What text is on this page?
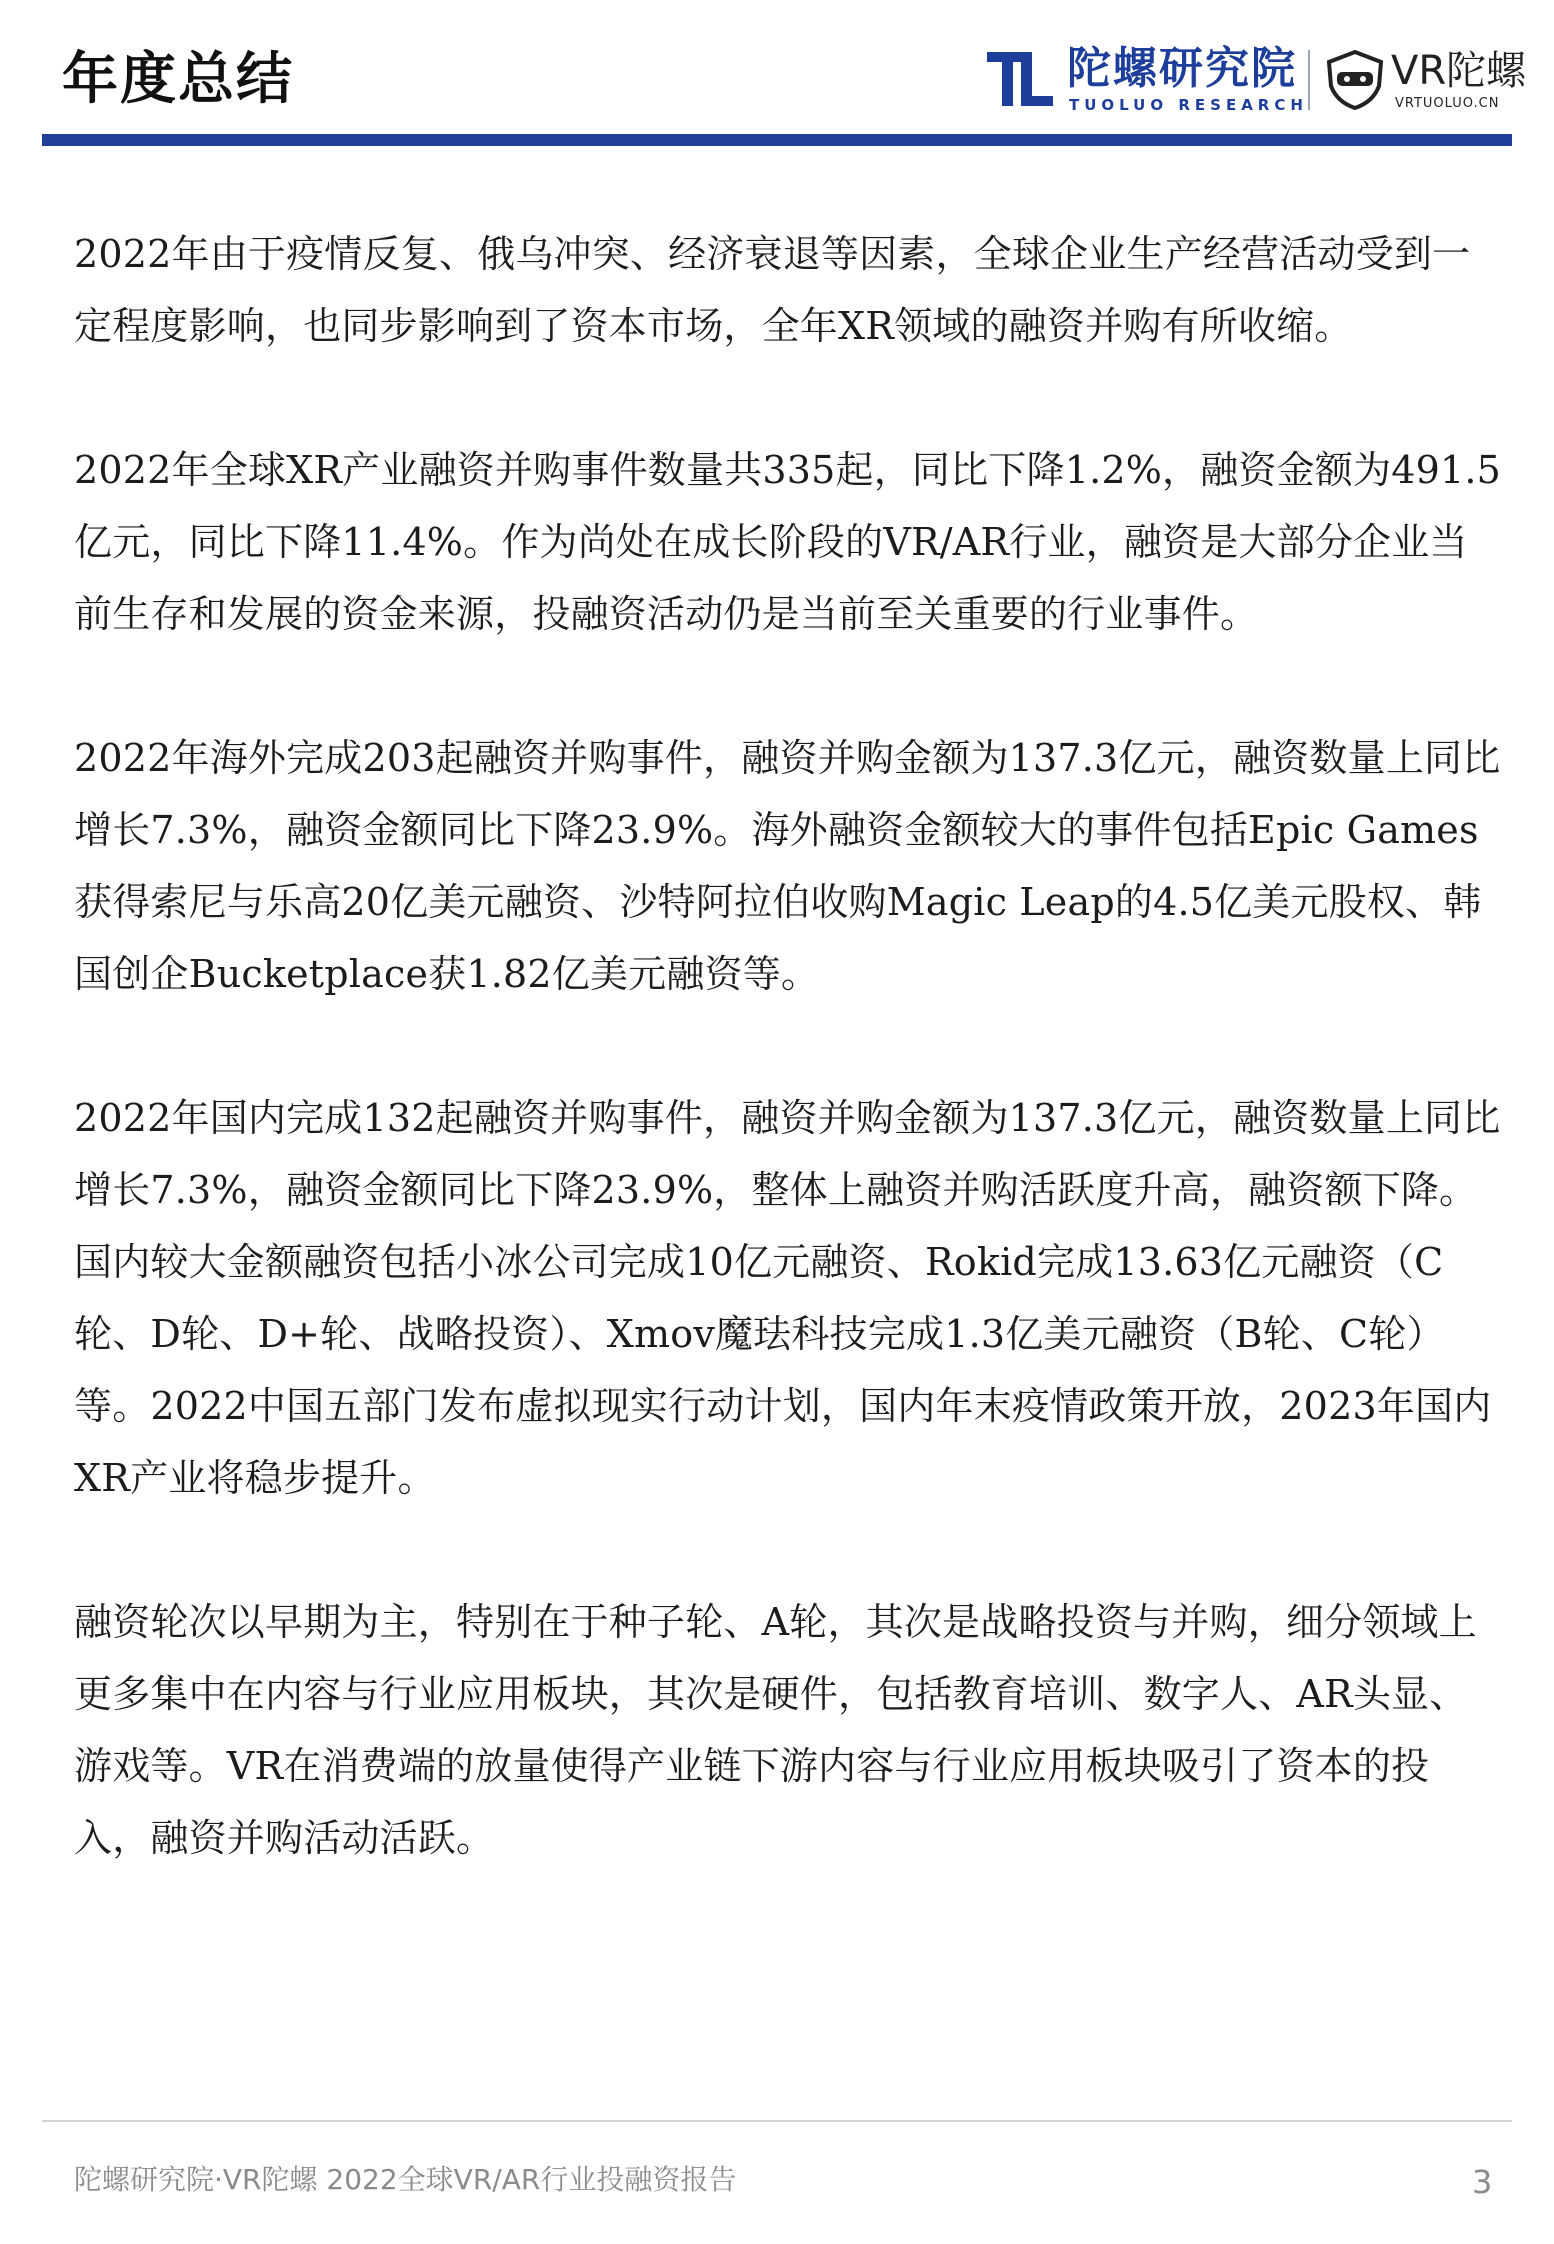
年度总结	陀螺研究院
TUOLUO RESEARCH
VR陀螺
VRTUOLUO.CN

2022年由于疫情反复、俄乌冲突、经济衰退等因素，全球企业生产经营活动受到一定程度影响，也同步影响到了资本市场，全年XR领域的融资并购有所收缩。

2022年全球XR产业融资并购事件数量共335起，同比下降1.2%，融资金额为491.5亿元，同比下降11.4%。作为尚处在成长阶段的VR/AR行业，融资是大部分企业当前生存和发展的资金来源，投融资活动仍是当前至关重要的行业事件。

2022年海外完成203起融资并购事件，融资并购金额为137.3亿元，融资数量上同比增长7.3%，融资金额同比下降23.9%。海外融资金额较大的事件包括Epic Games获得索尼与乐高20亿美元融资、沙特阿拉伯收购Magic Leap的4.5亿美元股权、韩国创企Bucketplace获1.82亿美元融资等。

2022年国内完成132起融资并购事件，融资并购金额为137.3亿元，融资数量上同比增长7.3%，融资金额同比下降23.9%，整体上融资并购活跃度升高，融资额下降。国内较大金额融资包括小冰公司完成10亿元融资、Rokid完成13.63亿元融资（C轮、D轮、D+轮、战略投资）、Xmov魔珐科技完成1.3亿美元融资（B轮、C轮）等。2022中国五部门发布虚拟现实行动计划，国内年末疫情政策开放，2023年国内XR产业将稳步提升。

融资轮次以早期为主，特别在于种子轮、A轮，其次是战略投资与并购，细分领域上更多集中在内容与行业应用板块，其次是硬件，包括教育培训、数字人、AR头显、游戏等。VR在消费端的放量使得产业链下游内容与行业应用板块吸引了资本的投入，融资并购活动活跃。

陀螺研究院·VR陀螺 2022全球VR/AR行业投融资报告	3
